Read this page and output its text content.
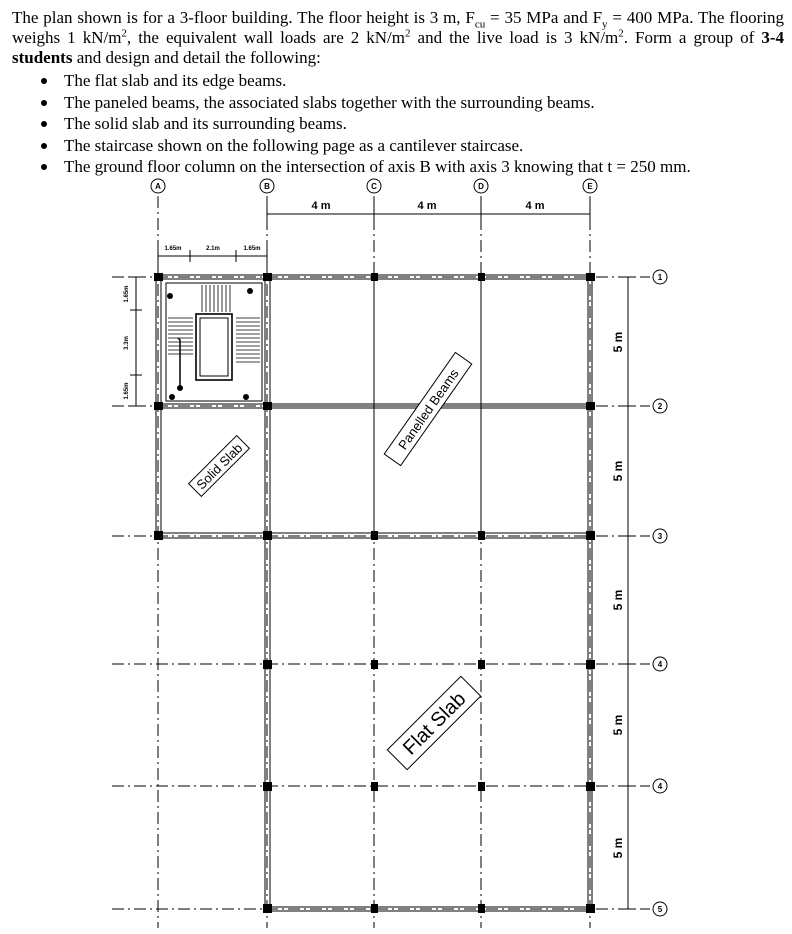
The plan shown is for a 3-floor building. The floor height is 3 m, $F_{cu} = 35$ MPa and $F_y = 400$ MPa. The flooring weighs 1 $kN/m^2$, the equivalent wall loads are 2 $kN/m^2$ and the live load is 3 $kN/m^2$. Form a group of 3-4 students and design and detail the following:

The flat slab and its edge beams.
The paneled beams, the associated slabs together with the surrounding beams.
The solid slab and its surrounding beams.
The staircase shown on the following page as a cantilever staircase.
The ground floor column on the intersection of axis B with axis 3 knowing that t = 250 mm.
1.65m	2.1m	1.65m
1.65m
3.3m
1.65m
4 m	4 m	4 m
5 m
5 m
5 m
5 m
5 m
A	B	C	D	E
1
2
3
4
4
5
Solid Slab
Panelled Beams
Flat Slab
